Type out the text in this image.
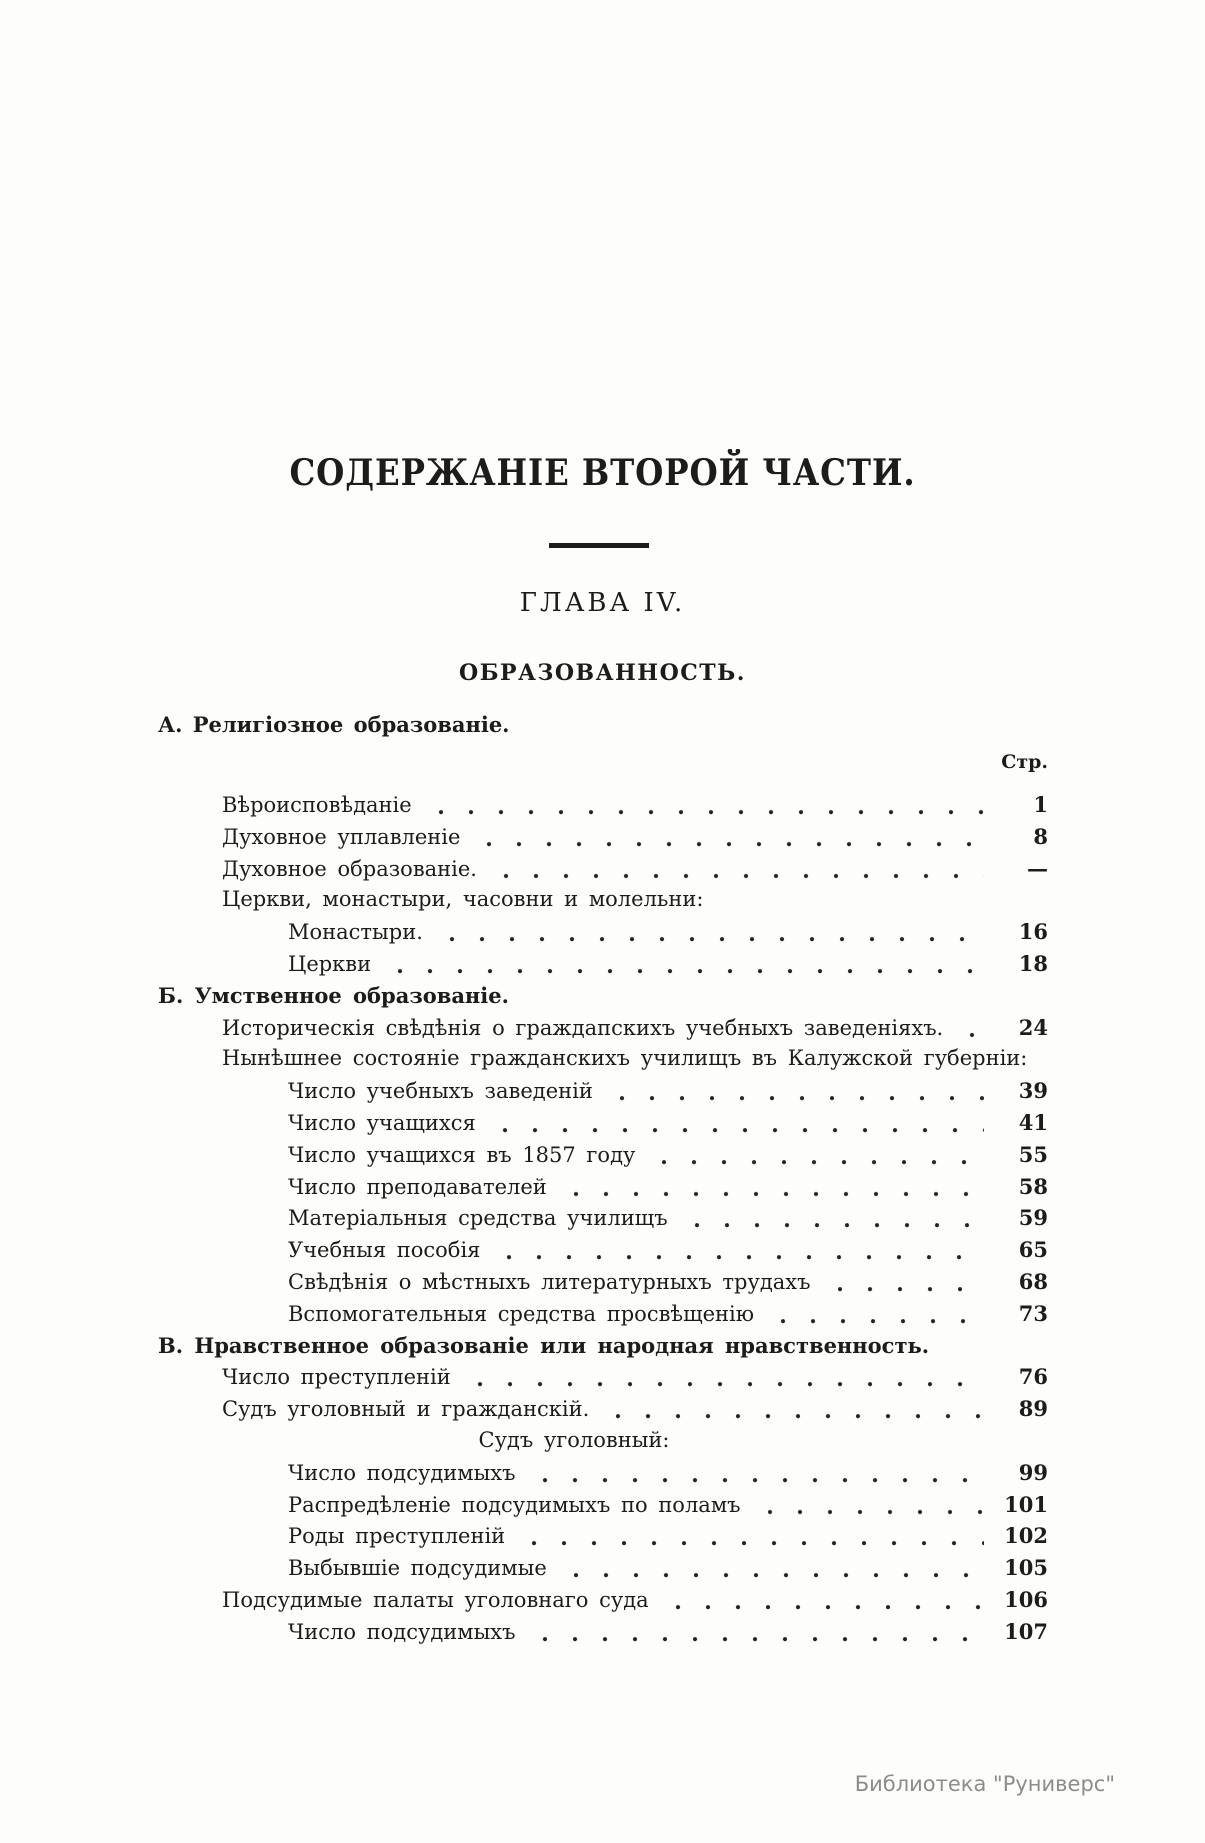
СОДЕРЖАНІЕ ВТОРОЙ ЧАСТИ.
ГЛАВА IV.
ОБРАЗОВАННОСТЬ.
А. Религіозное образованіе.
Стр.
Вѣроисповѣданіе	1
Духовное уплавленіе	8
Духовное образованіе.	—
Церкви, монастыри, часовни и молельни:
Монастыри.	16
Церкви	18
Б. Умственное образованіе.
Историческія свѣдѣнія о граждапскихъ учебныхъ заведеніяхъ.	24
Нынѣшнее состояніе гражданскихъ училищъ въ Калужской губерніи:
Число учебныхъ заведеній	39
Число учащихся	41
Число учащихся въ 1857 году	55
Число преподавателей	58
Матеріальныя средства училищъ	59
Учебныя пособія	65
Свѣдѣнія о мѣстныхъ литературныхъ трудахъ	68
Вспомогательныя средства просвѣщенію	73
В. Нравственное образованіе или народная нравственность.
Число преступленій	76
Судъ уголовный и гражданскій.	89
Судъ уголовный:
Число подсудимыхъ	99
Распредѣленіе подсудимыхъ по поламъ	101
Роды преступленій	102
Выбывшіе подсудимые	105
Подсудимые палаты уголовнаго суда	106
Число подсудимыхъ	107
Библиотека "Руниверс"
